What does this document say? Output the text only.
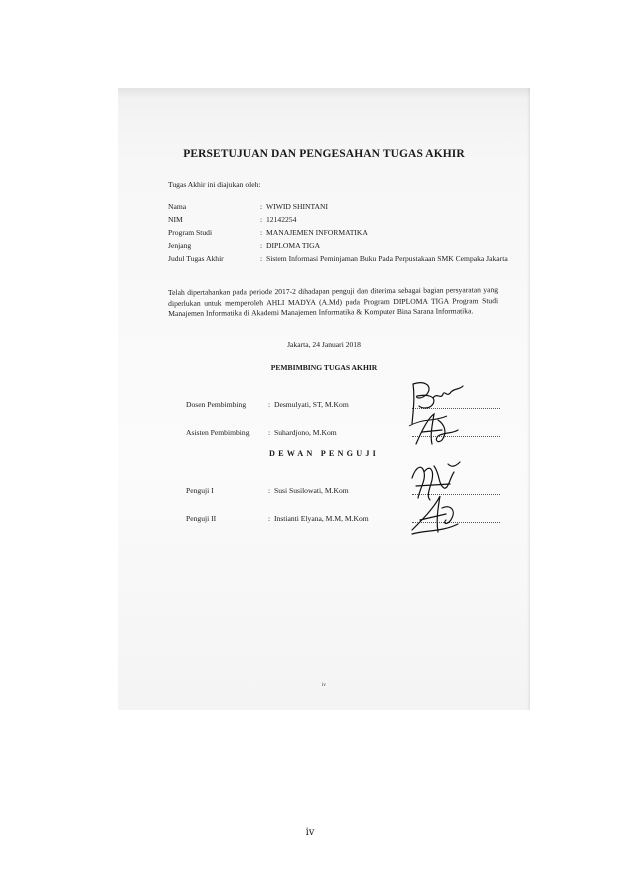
PERSETUJUAN DAN PENGESAHAN TUGAS AKHIR
Tugas Akhir ini diajukan oleh:
Nama	: WIWID SHINTANI
NIM	: 12142254
Program Studi	: MANAJEMEN INFORMATIKA
Jenjang	: DIPLOMA TIGA
Judul Tugas Akhir	: Sistem Informasi Peminjaman Buku Pada Perpustakaan SMK Cempaka Jakarta
Telah dipertahankan pada periode 2017-2 dihadapan penguji dan diterima sebagai bagian persyaratan yang diperlukan untuk memperoleh AHLI MADYA (A.Md) pada Program DIPLOMA TIGA Program Studi Manajemen Informatika di Akademi Manajemen Informatika & Komputer Bina Sarana Informatika.
Jakarta, 24 Januari 2018
PEMBIMBING TUGAS AKHIR
Dosen Pembimbing	: Desmulyati, ST, M.Kom
Asisten Pembimbing : Suhardjono, M.Kom
DEWAN PENGUJI
Penguji I	: Susi Susilowati, M.Kom
Penguji II	: Instianti Elyana, M.M, M.Kom
iv
iv
